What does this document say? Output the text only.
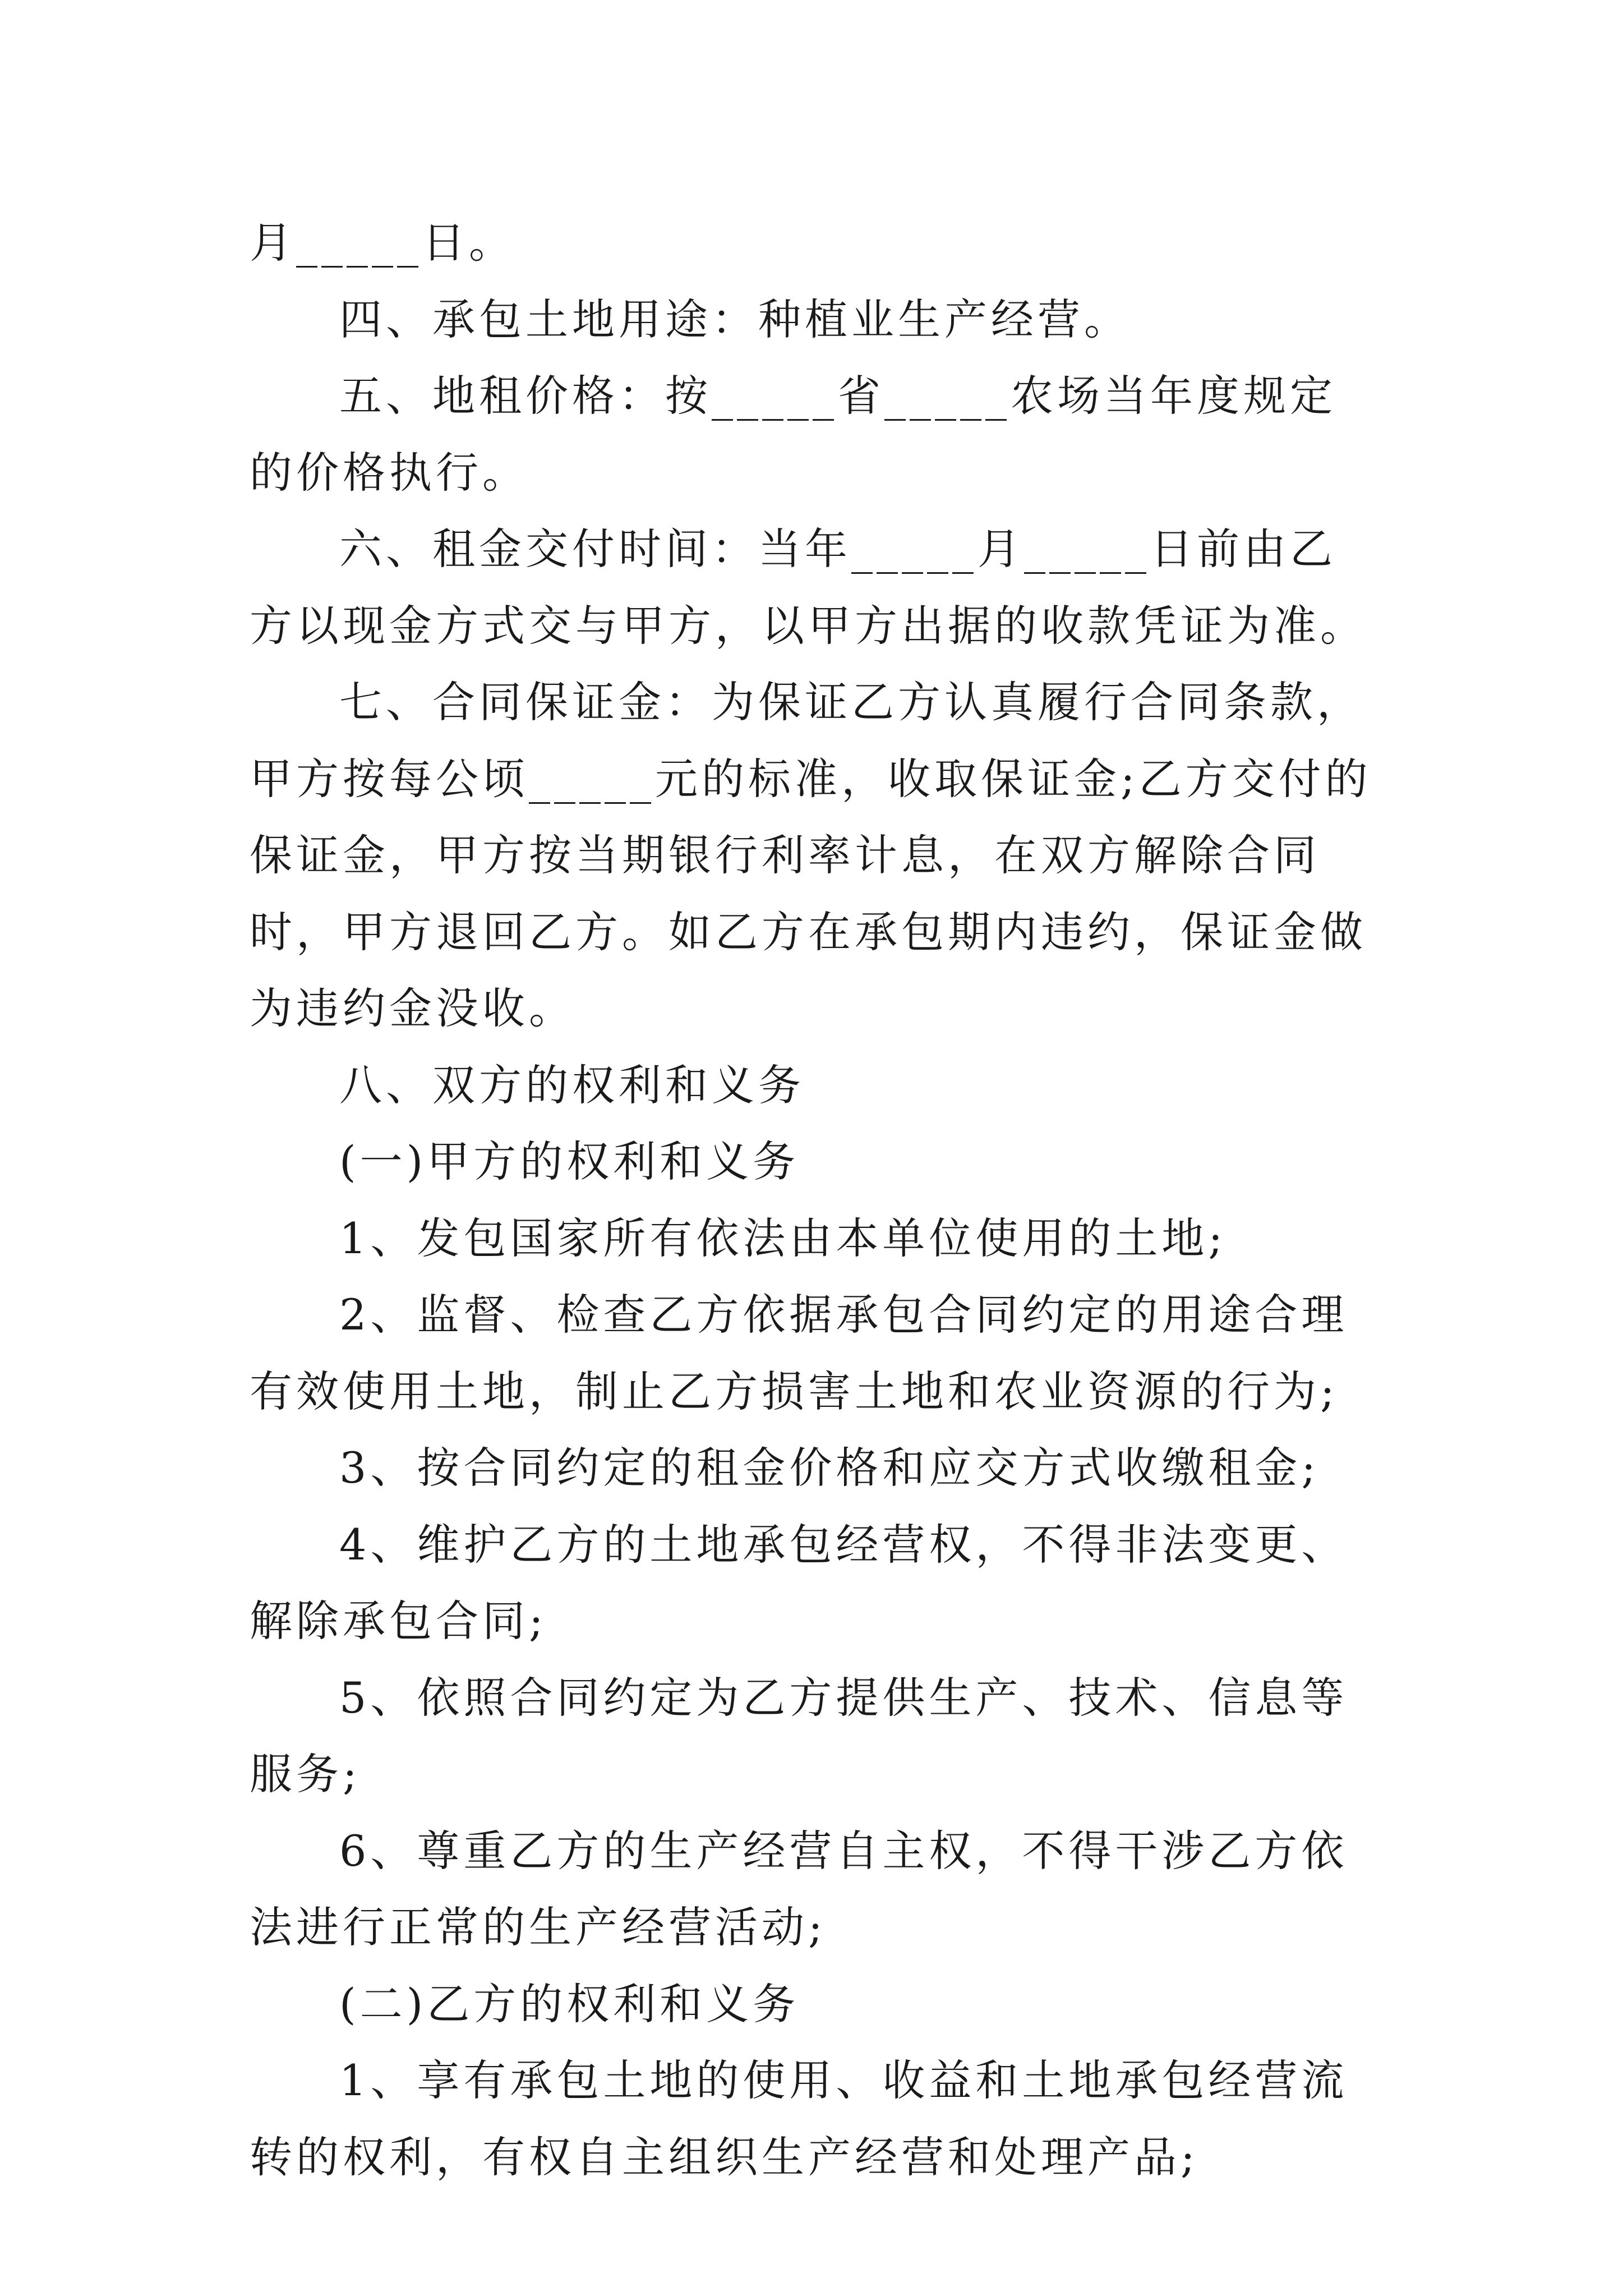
月_____日。

四、承包土地用途：种植业生产经营。

五、地租价格：按_____省_____农场当年度规定的价格执行。

六、租金交付时间：当年_____月_____日前由乙方以现金方式交与甲方，以甲方出据的收款凭证为准。

七、合同保证金：为保证乙方认真履行合同条款，甲方按每公顷_____元的标准，收取保证金;乙方交付的保证金，甲方按当期银行利率计息，在双方解除合同时，甲方退回乙方。如乙方在承包期内违约，保证金做为违约金没收。

八、双方的权利和义务

(一)甲方的权利和义务

1、发包国家所有依法由本单位使用的土地;

2、监督、检查乙方依据承包合同约定的用途合理有效使用土地，制止乙方损害土地和农业资源的行为;

3、按合同约定的租金价格和应交方式收缴租金;

4、维护乙方的土地承包经营权，不得非法变更、解除承包合同;

5、依照合同约定为乙方提供生产、技术、信息等服务;

6、尊重乙方的生产经营自主权，不得干涉乙方依法进行正常的生产经营活动;

(二)乙方的权利和义务

1、享有承包土地的使用、收益和土地承包经营流转的权利，有权自主组织生产经营和处理产品;
